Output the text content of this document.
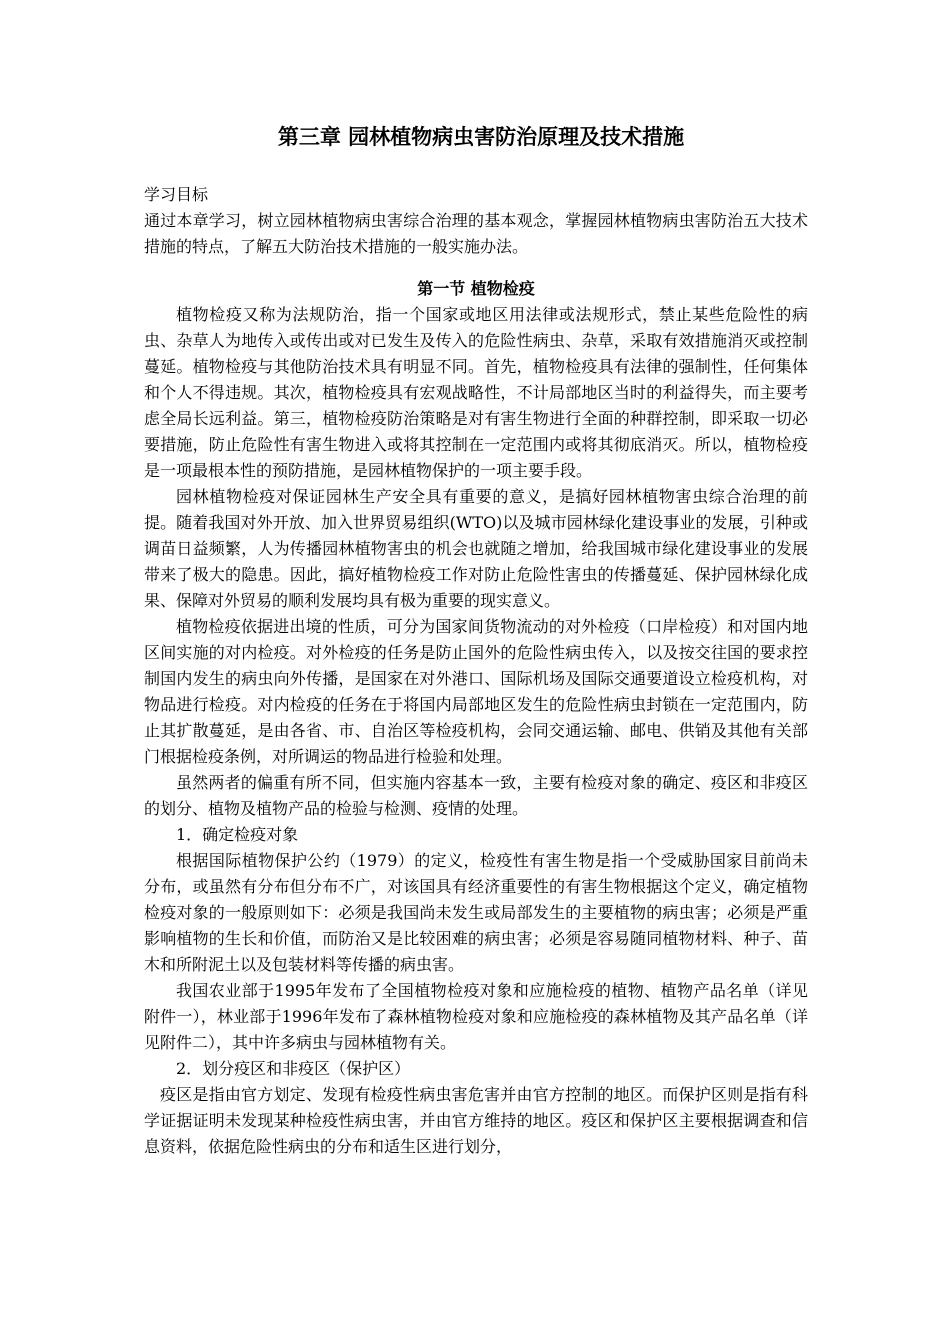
第三章 园林植物病虫害防治原理及技术措施

学习目标

通过本章学习，树立园林植物病虫害综合治理的基本观念，掌握园林植物病虫害防治五大技术措施的特点，了解五大防治技术措施的一般实施办法。

第一节 植物检疫

植物检疫又称为法规防治，指一个国家或地区用法律或法规形式，禁止某些危险性的病虫、杂草人为地传入或传出或对已发生及传入的危险性病虫、杂草，采取有效措施消灭或控制蔓延。植物检疫与其他防治技术具有明显不同。首先，植物检疫具有法律的强制性，任何集体和个人不得违规。其次，植物检疫具有宏观战略性，不计局部地区当时的利益得失，而主要考虑全局长远利益。第三，植物检疫防治策略是对有害生物进行全面的种群控制，即采取一切必要措施，防止危险性有害生物进入或将其控制在一定范围内或将其彻底消灭。所以，植物检疫是一项最根本性的预防措施，是园林植物保护的一项主要手段。

园林植物检疫对保证园林生产安全具有重要的意义，是搞好园林植物害虫综合治理的前提。随着我国对外开放、加入世界贸易组织(WTO)以及城市园林绿化建设事业的发展，引种或调苗日益频繁，人为传播园林植物害虫的机会也就随之增加，给我国城市绿化建设事业的发展带来了极大的隐患。因此，搞好植物检疫工作对防止危险性害虫的传播蔓延、保护园林绿化成果、保障对外贸易的顺利发展均具有极为重要的现实意义。

植物检疫依据进出境的性质，可分为国家间货物流动的对外检疫（口岸检疫）和对国内地区间实施的对内检疫。对外检疫的任务是防止国外的危险性病虫传入，以及按交往国的要求控制国内发生的病虫向外传播，是国家在对外港口、国际机场及国际交通要道设立检疫机构，对物品进行检疫。对内检疫的任务在于将国内局部地区发生的危险性病虫封锁在一定范围内，防止其扩散蔓延，是由各省、市、自治区等检疫机构，会同交通运输、邮电、供销及其他有关部门根据检疫条例，对所调运的物品进行检验和处理。

虽然两者的偏重有所不同，但实施内容基本一致，主要有检疫对象的确定、疫区和非疫区的划分、植物及植物产品的检验与检测、疫情的处理。

1．确定检疫对象

根据国际植物保护公约（1979）的定义，检疫性有害生物是指一个受威胁国家目前尚未分布，或虽然有分布但分布不广，对该国具有经济重要性的有害生物根据这个定义，确定植物检疫对象的一般原则如下：必须是我国尚未发生或局部发生的主要植物的病虫害；必须是严重影响植物的生长和价值，而防治又是比较困难的病虫害；必须是容易随同植物材料、种子、苗木和所附泥土以及包装材料等传播的病虫害。

我国农业部于1995年发布了全国植物检疫对象和应施检疫的植物、植物产品名单（详见附件一），林业部于1996年发布了森林植物检疫对象和应施检疫的森林植物及其产品名单（详见附件二），其中许多病虫与园林植物有关。

2．划分疫区和非疫区（保护区）

疫区是指由官方划定、发现有检疫性病虫害危害并由官方控制的地区。而保护区则是指有科学证据证明未发现某种检疫性病虫害，并由官方维持的地区。疫区和保护区主要根据调查和信息资料，依据危险性病虫的分布和适生区进行划分，
